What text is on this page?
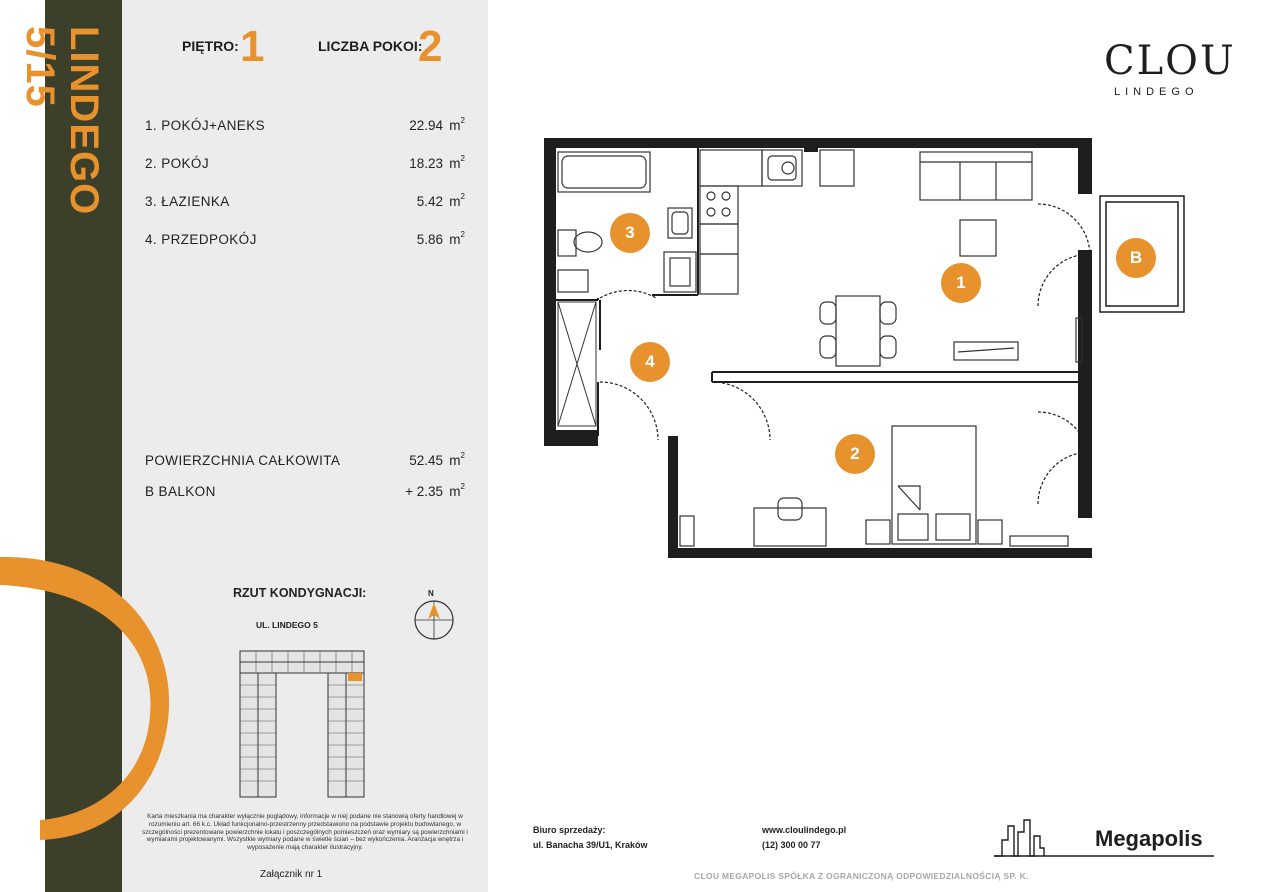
LINDEGO 5/15	PIĘTRO: 1	LICZBA POKOI:
2
1. POKÓJ+ANEKS	22.94 $m^2$
2. POKÓJ	18.23 $m^2$
3. ŁAZIENKA	5.42 $m^2$
4. PRZEDPOKÓJ	5.86 $m^2$
POWIERZCHNIA CAŁKOWITA	52.45 $m^2$
B BALKON	+ 2.35 $m^2$
RZUT KONDYGNACJI:
UL. LINDEGO 5
N
Karta mieszkania ma charakter wyłącznie poglądowy, informacje w niej podane nie stanowią oferty handlowej w rozumieniu art. 66 k.c. Układ funkcjonalno-przestrzenny przedstawiono na podstawie projektu budowlanego, w szczególności prezentowane powierzchnie lokalu i poszczególnych pomieszczeń oraz wymiary są powierzchniami i wymiarami projektowanymi. Wszystkie wymiary podane w świetle ścian – bez wykończenia. Aranżacja wnętrza i wyposażenie mają charakter ilustracyjny.
Załącznik nr 1
CLOU
LINDEGO
1
2
3
4
B
Biuro sprzedaży:
ul. Banacha 39/U1, Kraków
www.cloulindego.pl
(12) 300 00 77	Megapolis
CLOU MEGAPOLIS SPÓŁKA Z OGRANICZONĄ ODPOWIEDZIALNOŚCIĄ SP. K.
